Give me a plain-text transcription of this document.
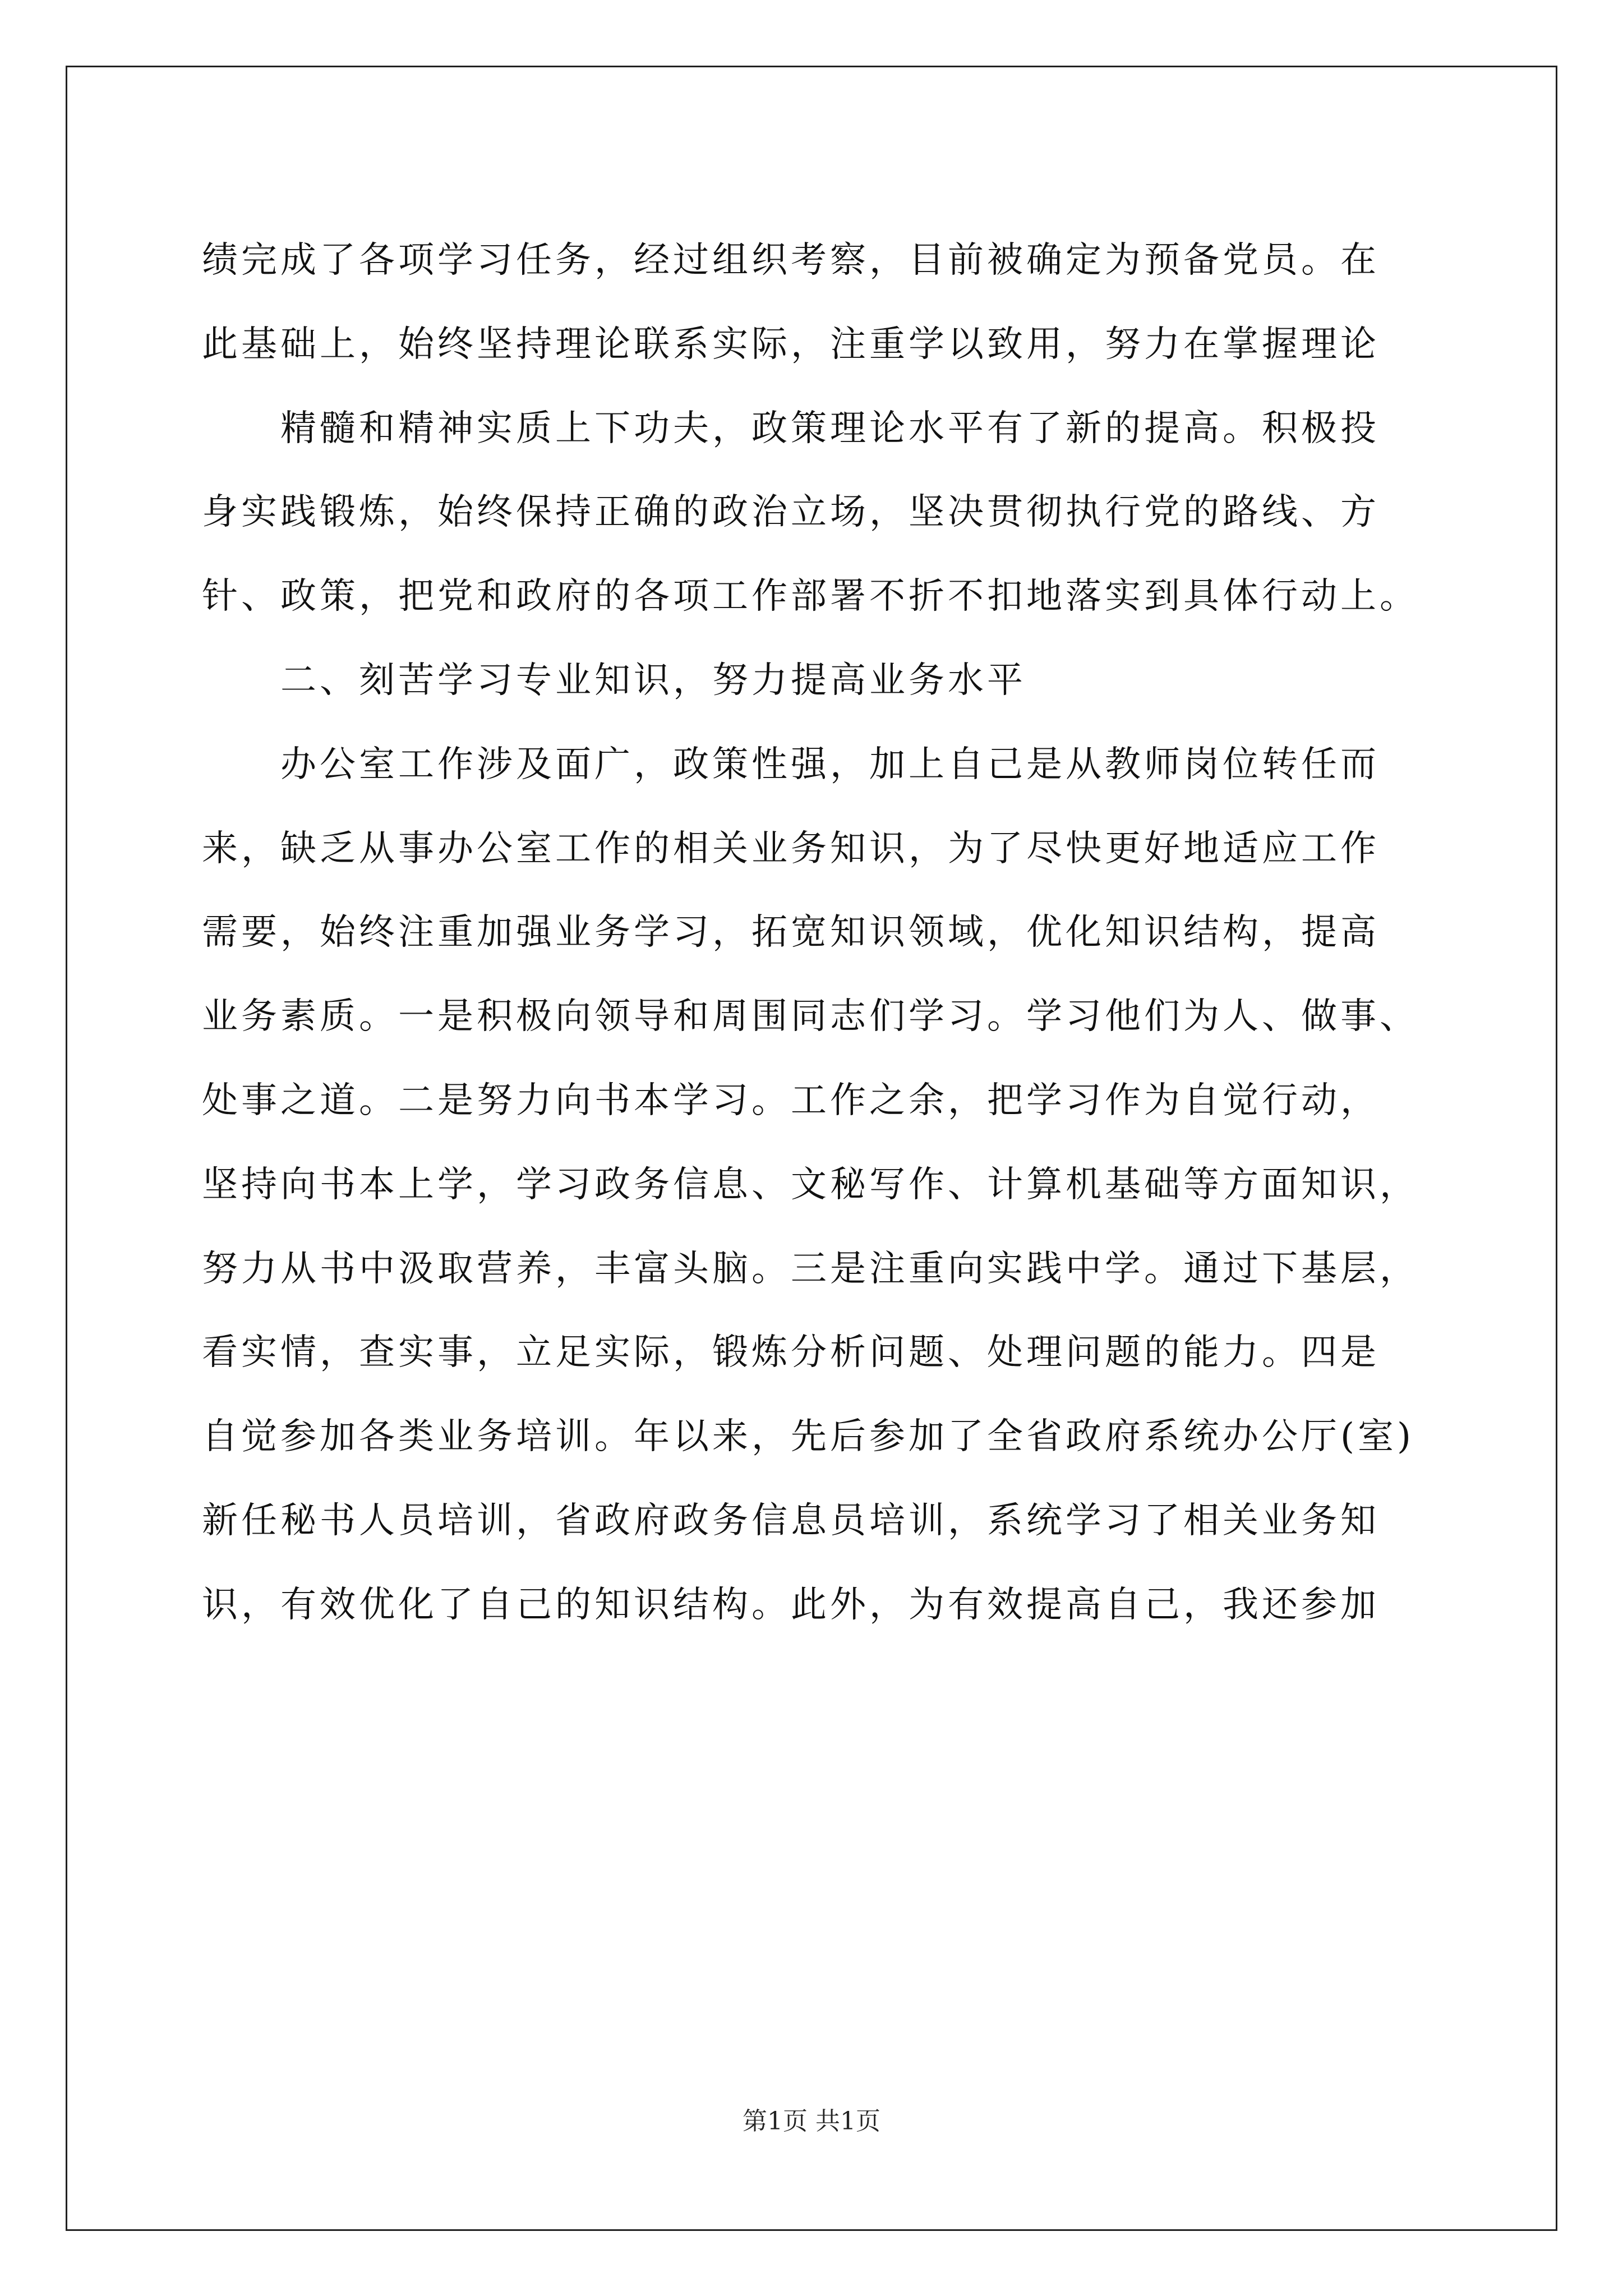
绩完成了各项学习任务，经过组织考察，目前被确定为预备党员。在
此基础上，始终坚持理论联系实际，注重学以致用，努力在掌握理论
精髓和精神实质上下功夫，政策理论水平有了新的提高。积极投
身实践锻炼，始终保持正确的政治立场，坚决贯彻执行党的路线、方
针、政策，把党和政府的各项工作部署不折不扣地落实到具体行动上。
二、刻苦学习专业知识，努力提高业务水平
办公室工作涉及面广，政策性强，加上自己是从教师岗位转任而
来，缺乏从事办公室工作的相关业务知识，为了尽快更好地适应工作
需要，始终注重加强业务学习，拓宽知识领域，优化知识结构，提高
业务素质。一是积极向领导和周围同志们学习。学习他们为人、做事、
处事之道。二是努力向书本学习。工作之余，把学习作为自觉行动，
坚持向书本上学，学习政务信息、文秘写作、计算机基础等方面知识，
努力从书中汲取营养，丰富头脑。三是注重向实践中学。通过下基层，
看实情，查实事，立足实际，锻炼分析问题、处理问题的能力。四是
自觉参加各类业务培训。年以来，先后参加了全省政府系统办公厅(室)
新任秘书人员培训，省政府政务信息员培训，系统学习了相关业务知
识，有效优化了自己的知识结构。此外，为有效提高自己，我还参加
第1页 共1页
